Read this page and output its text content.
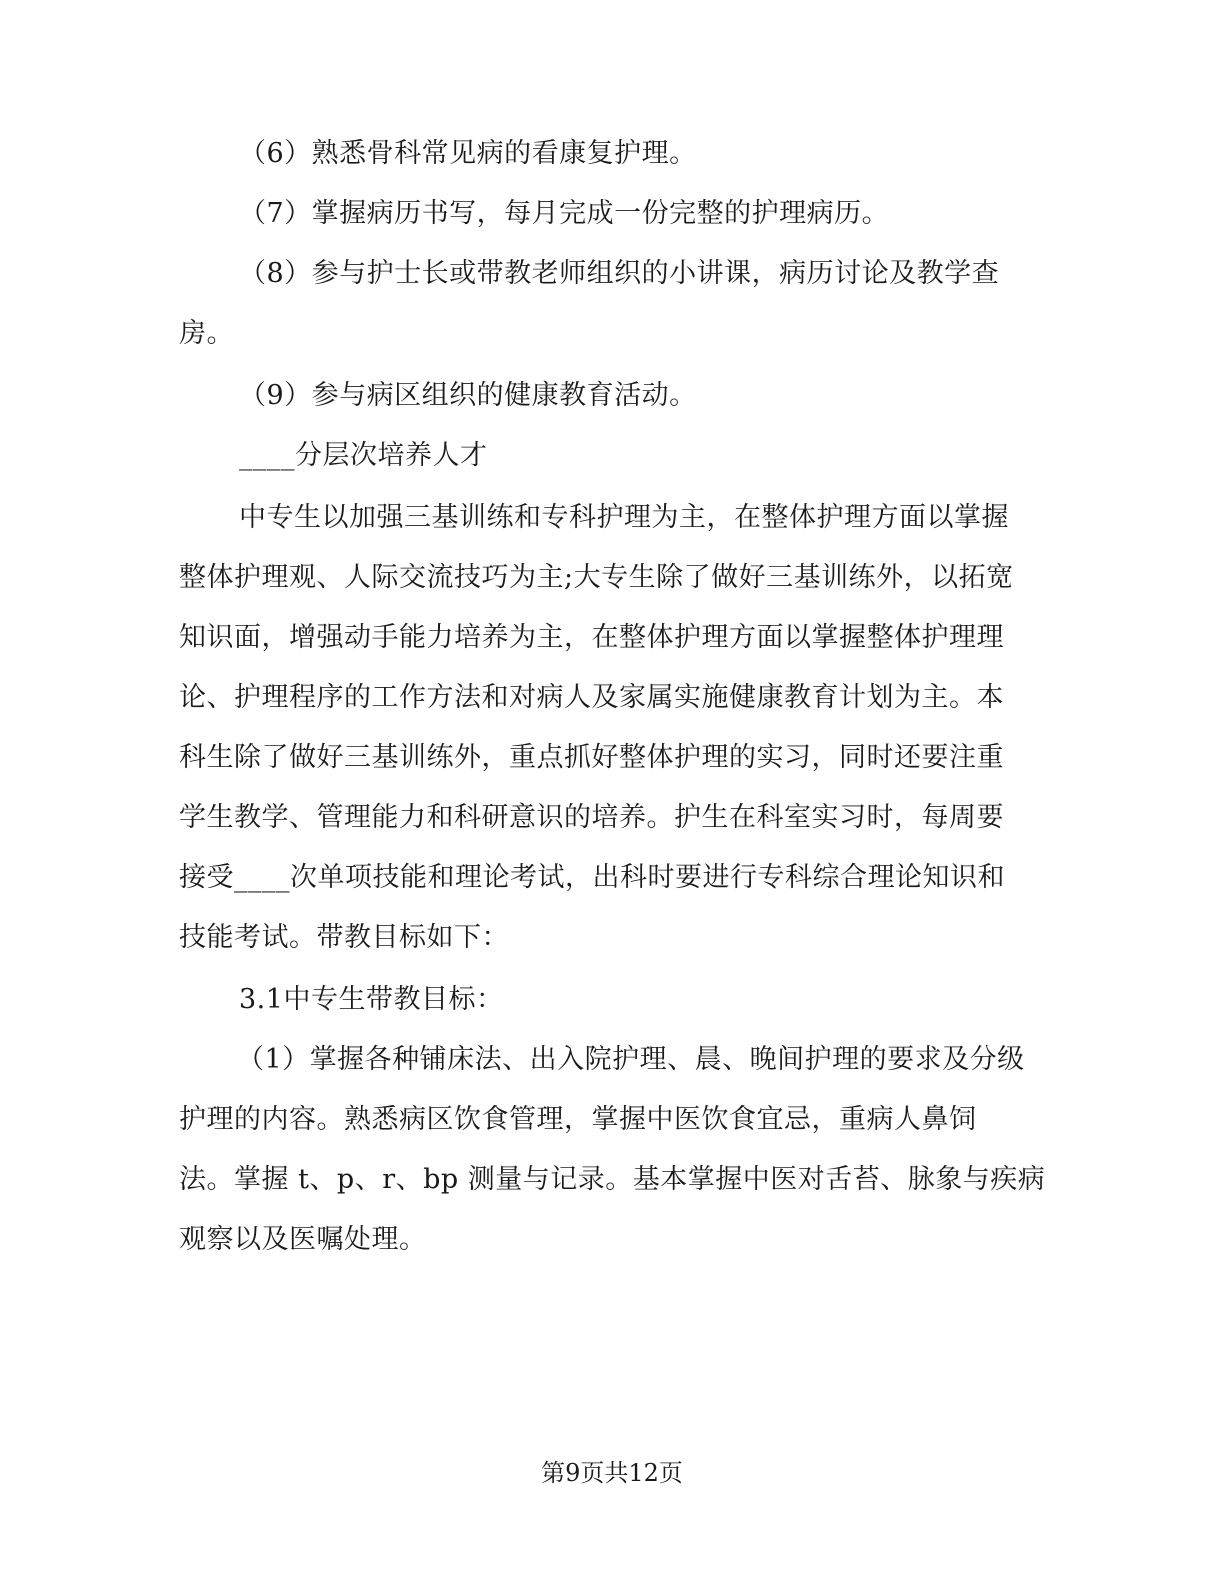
（6）熟悉骨科常见病的看康复护理。
（7）掌握病历书写，每月完成一份完整的护理病历。
（8）参与护士长或带教老师组织的小讲课，病历讨论及教学查
房。
（9）参与病区组织的健康教育活动。
____分层次培养人才
中专生以加强三基训练和专科护理为主，在整体护理方面以掌握
整体护理观、人际交流技巧为主;大专生除了做好三基训练外，以拓宽
知识面，增强动手能力培养为主，在整体护理方面以掌握整体护理理
论、护理程序的工作方法和对病人及家属实施健康教育计划为主。本
科生除了做好三基训练外，重点抓好整体护理的实习，同时还要注重
学生教学、管理能力和科研意识的培养。护生在科室实习时，每周要
接受____次单项技能和理论考试，出科时要进行专科综合理论知识和
技能考试。带教目标如下：
3.1中专生带教目标：
（1）掌握各种铺床法、出入院护理、晨、晚间护理的要求及分级
护理的内容。熟悉病区饮食管理，掌握中医饮食宜忌，重病人鼻饲
法。掌握 t、p、r、bp 测量与记录。基本掌握中医对舌苔、脉象与疾病
观察以及医嘱处理。
第9页共12页
